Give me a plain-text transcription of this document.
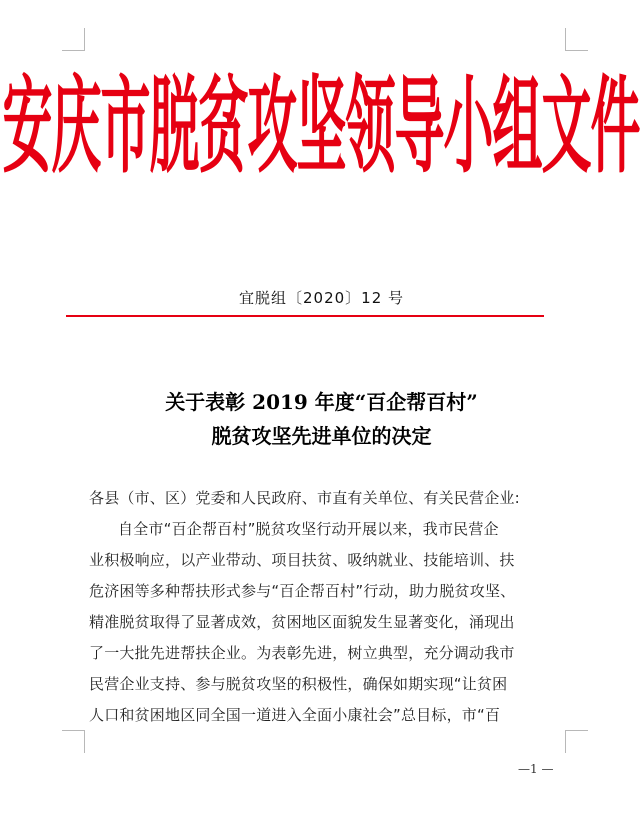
安庆市脱贫攻坚领导小组文件
宜脱组〔2020〕12 号
关于表彰 2019 年度“百企帮百村”
脱贫攻坚先进单位的决定
各县（市、区）党委和人民政府、市直有关单位、有关民营企业:
自全市“百企帮百村”脱贫攻坚行动开展以来，我市民营企
业积极响应，以产业带动、项目扶贫、吸纳就业、技能培训、扶
危济困等多种帮扶形式参与“百企帮百村”行动，助力脱贫攻坚、
精准脱贫取得了显著成效，贫困地区面貌发生显著变化，涌现出
了一大批先进帮扶企业。为表彰先进，树立典型，充分调动我市
民营企业支持、参与脱贫攻坚的积极性，确保如期实现“让贫困
人口和贫困地区同全国一道进入全面小康社会”总目标，市“百
—1 —
